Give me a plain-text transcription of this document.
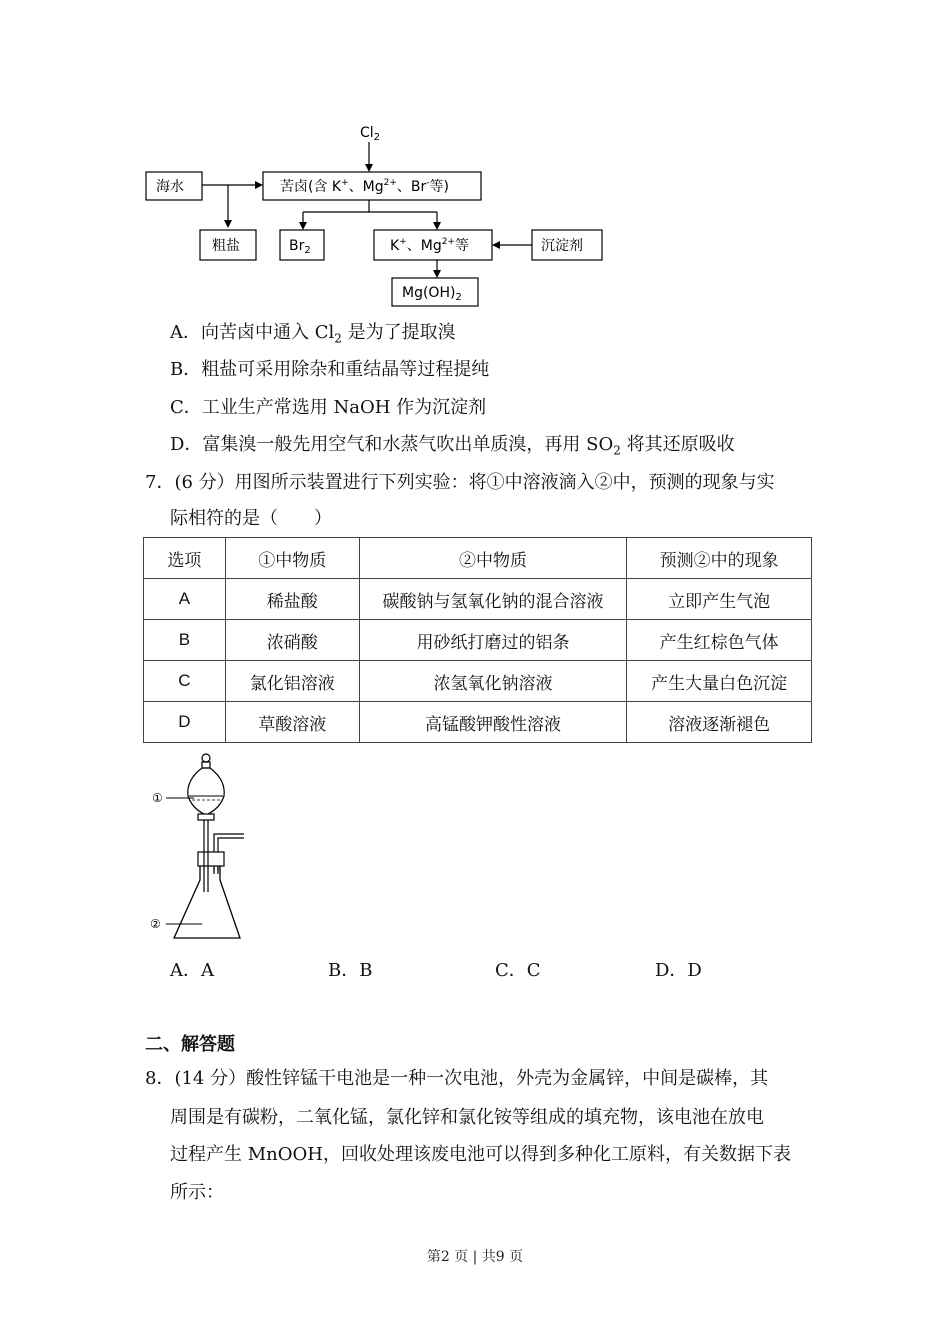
$Cl_2$
海水	苦卤(含 K+、$Mg^{2+}$、Br-等)
粗盐	$Br_2$	K+、$Mg^{2+}$等	沉淀剂
$Mg(OH)_2$
A．向苦卤中通入 $Cl_2$ 是为了提取溴
B．粗盐可采用除杂和重结晶等过程提纯
C．工业生产常选用 NaOH 作为沉淀剂
D．富集溴一般先用空气和水蒸气吹出单质溴，再用 $SO_2$ 将其还原吸收
7．(6 分）用图所示装置进行下列实验：将①中溶液滴入②中，预测的现象与实
际相符的是（　　）
选项	①中物质	②中物质	预测②中的现象
A	稀盐酸	碳酸钠与氢氧化钠的混合溶液	立即产生气泡
B	浓硝酸	用砂纸打磨过的铝条	产生红棕色气体
C	氯化铝溶液	浓氢氧化钠溶液	产生大量白色沉淀
D	草酸溶液	高锰酸钾酸性溶液	溶液逐渐褪色
①
②
A．A	B．B	C．C	D．D
二、解答题
8．(14 分）酸性锌锰干电池是一种一次电池，外壳为金属锌，中间是碳棒，其
周围是有碳粉，二氧化锰，氯化锌和氯化铵等组成的填充物，该电池在放电
过程产生 MnOOH，回收处理该废电池可以得到多种化工原料，有关数据下表
所示：
第2 页 | 共9 页
